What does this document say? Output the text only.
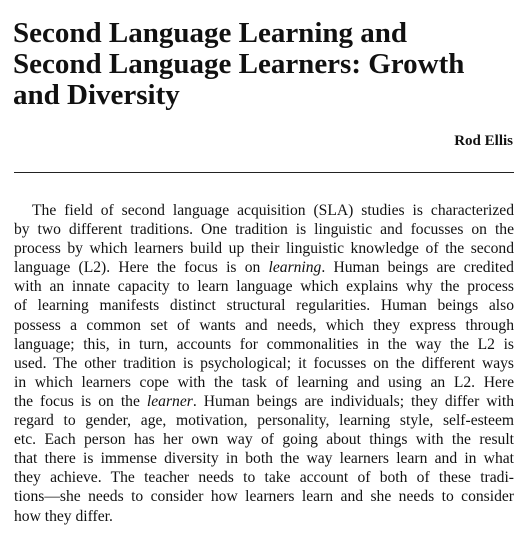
Second Language Learning and
Second Language Learners: Growth
and Diversity

Rod Ellis

The field of second language acquisition (SLA) studies is characterized
by two different traditions. One tradition is linguistic and focusses on the
process by which learners build up their linguistic knowledge of the second
language (L2). Here the focus is on learning. Human beings are credited
with an innate capacity to learn language which explains why the process
of learning manifests distinct structural regularities. Human beings also
possess a common set of wants and needs, which they express through
language; this, in turn, accounts for commonalities in the way the L2 is
used. The other tradition is psychological; it focusses on the different ways
in which learners cope with the task of learning and using an L2. Here
the focus is on the learner. Human beings are individuals; they differ with
regard to gender, age, motivation, personality, learning style, self-esteem
etc. Each person has her own way of going about things with the result
that there is immense diversity in both the way learners learn and in what
they achieve. The teacher needs to take account of both of these tradi-
tions—she needs to consider how learners learn and she needs to consider
how they differ.
